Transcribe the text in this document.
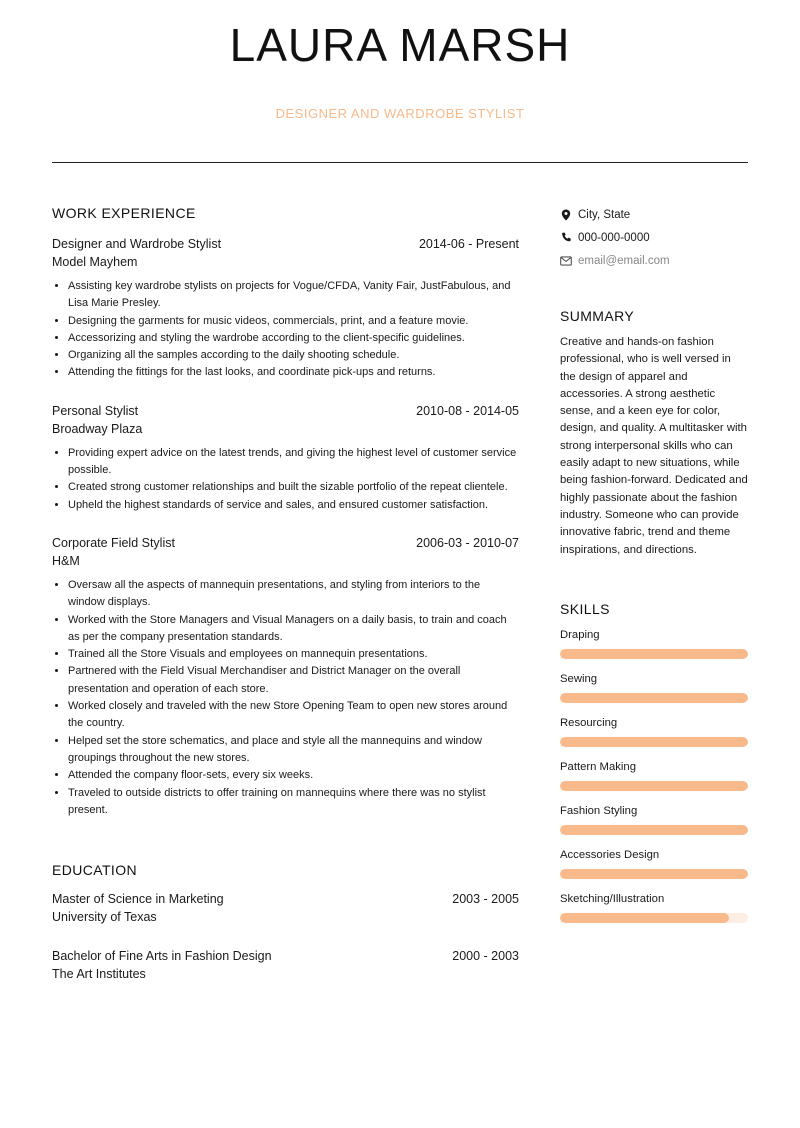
LAURA MARSH
DESIGNER AND WARDROBE STYLIST
WORK EXPERIENCE
Designer and Wardrobe Stylist	2014-06 - Present
Model Mayhem
• Assisting key wardrobe stylists on projects for Vogue/CFDA, Vanity Fair, JustFabulous, and Lisa Marie Presley.
• Designing the garments for music videos, commercials, print, and a feature movie.
• Accessorizing and styling the wardrobe according to the client-specific guidelines.
• Organizing all the samples according to the daily shooting schedule.
• Attending the fittings for the last looks, and coordinate pick-ups and returns.
Personal Stylist	2010-08 - 2014-05
Broadway Plaza
• Providing expert advice on the latest trends, and giving the highest level of customer service possible.
• Created strong customer relationships and built the sizable portfolio of the repeat clientele.
• Upheld the highest standards of service and sales, and ensured customer satisfaction.
Corporate Field Stylist	2006-03 - 2010-07
H&M
• Oversaw all the aspects of mannequin presentations, and styling from interiors to the window displays.
• Worked with the Store Managers and Visual Managers on a daily basis, to train and coach as per the company presentation standards.
• Trained all the Store Visuals and employees on mannequin presentations.
• Partnered with the Field Visual Merchandiser and District Manager on the overall presentation and operation of each store.
• Worked closely and traveled with the new Store Opening Team to open new stores around the country.
• Helped set the store schematics, and place and style all the mannequins and window groupings throughout the new stores.
• Attended the company floor-sets, every six weeks.
• Traveled to outside districts to offer training on mannequins where there was no stylist present.
EDUCATION
Master of Science in Marketing	2003 - 2005
University of Texas
Bachelor of Fine Arts in Fashion Design	2000 - 2003
The Art Institutes
City, State
000-000-0000
email@email.com
SUMMARY
Creative and hands-on fashion professional, who is well versed in the design of apparel and accessories. A strong aesthetic sense, and a keen eye for color, design, and quality. A multitasker with strong interpersonal skills who can easily adapt to new situations, while being fashion-forward. Dedicated and highly passionate about the fashion industry. Someone who can provide innovative fabric, trend and theme inspirations, and directions.
SKILLS
Draping
Sewing
Resourcing
Pattern Making
Fashion Styling
Accessories Design
Sketching/Illustration
